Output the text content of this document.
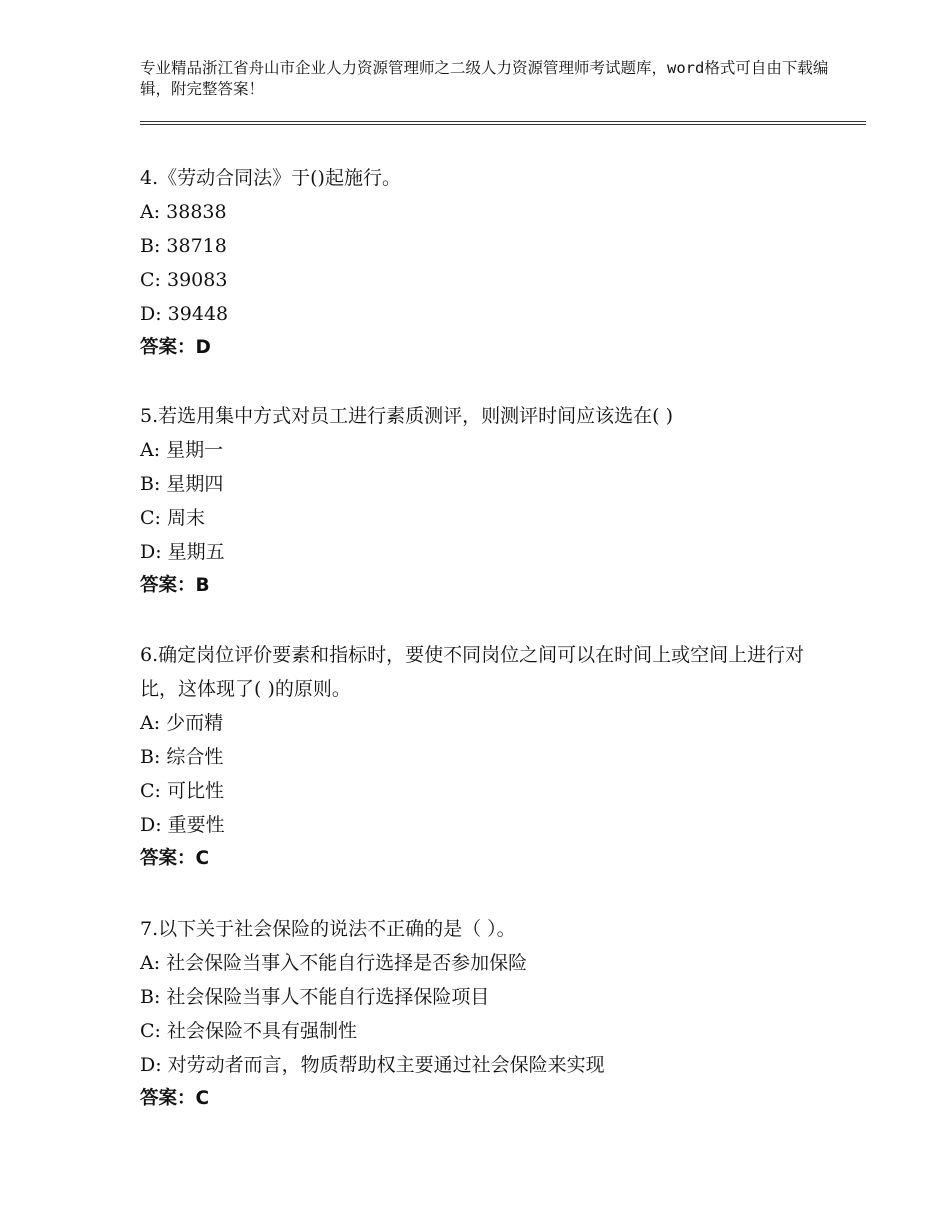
专业精品浙江省舟山市企业人力资源管理师之二级人力资源管理师考试题库，word格式可自由下载编辑，附完整答案！

4.《劳动合同法》于()起施行。

A: 38838

B: 38718

C: 39083

D: 39448

答案：D

5.若选用集中方式对员工进行素质测评，则测评时间应该选在( )

A: 星期一

B: 星期四

C: 周末

D: 星期五

答案：B

6.确定岗位评价要素和指标时，要使不同岗位之间可以在时间上或空间上进行对比，这体现了( )的原则。

A: 少而精

B: 综合性

C: 可比性

D: 重要性

答案：C

7.以下关于社会保险的说法不正确的是（ ）。

A: 社会保险当事入不能自行选择是否参加保险

B: 社会保险当事人不能自行选择保险项目

C: 社会保险不具有强制性

D: 对劳动者而言，物质帮助权主要通过社会保险来实现

答案：C
